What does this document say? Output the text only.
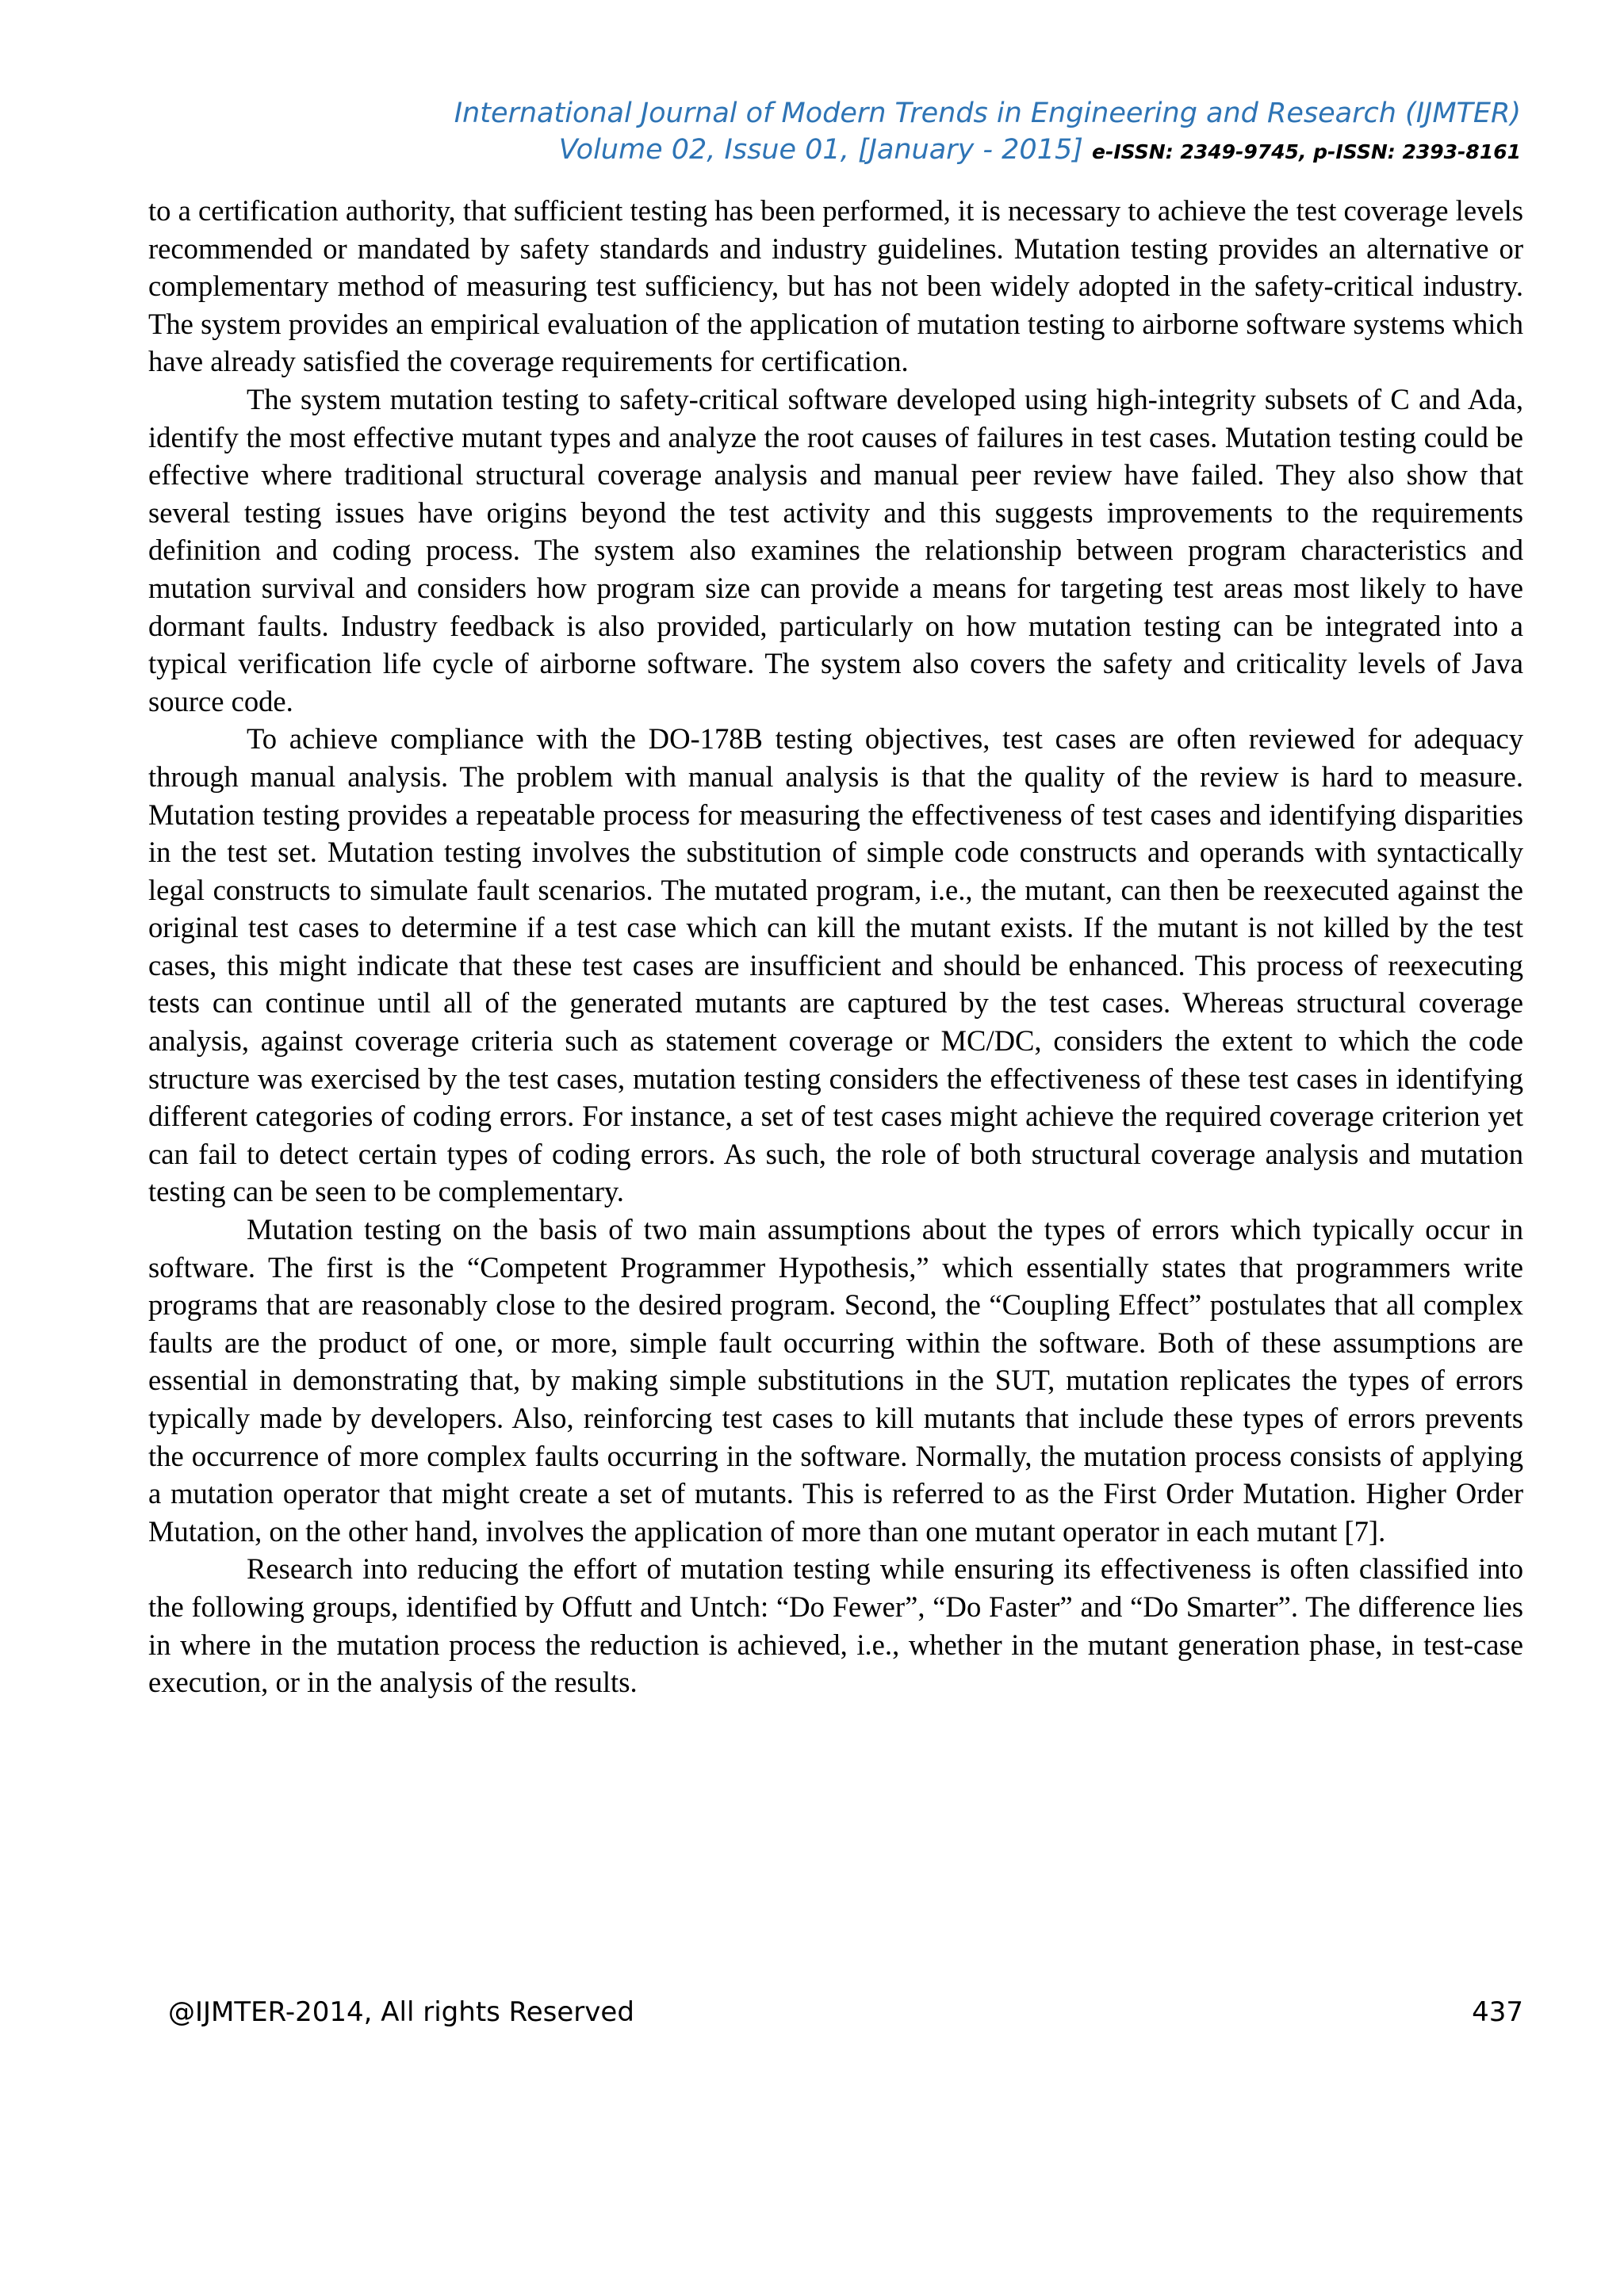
International Journal of Modern Trends in Engineering and Research (IJMTER)
Volume 02, Issue 01, [January - 2015] e-ISSN: 2349-9745, p-ISSN: 2393-8161

to a certification authority, that sufficient testing has been performed, it is necessary to achieve the test coverage levels recommended or mandated by safety standards and industry guidelines. Mutation testing provides an alternative or complementary method of measuring test sufficiency, but has not been widely adopted in the safety-critical industry. The system provides an empirical evaluation of the application of mutation testing to airborne software systems which have already satisfied the coverage requirements for certification.

The system mutation testing to safety-critical software developed using high-integrity subsets of C and Ada, identify the most effective mutant types and analyze the root causes of failures in test cases. Mutation testing could be effective where traditional structural coverage analysis and manual peer review have failed. They also show that several testing issues have origins beyond the test activity and this suggests improvements to the requirements definition and coding process. The system also examines the relationship between program characteristics and mutation survival and considers how program size can provide a means for targeting test areas most likely to have dormant faults. Industry feedback is also provided, particularly on how mutation testing can be integrated into a typical verification life cycle of airborne software. The system also covers the safety and criticality levels of Java source code.

To achieve compliance with the DO-178B testing objectives, test cases are often reviewed for adequacy through manual analysis. The problem with manual analysis is that the quality of the review is hard to measure. Mutation testing provides a repeatable process for measuring the effectiveness of test cases and identifying disparities in the test set. Mutation testing involves the substitution of simple code constructs and operands with syntactically legal constructs to simulate fault scenarios. The mutated program, i.e., the mutant, can then be reexecuted against the original test cases to determine if a test case which can kill the mutant exists. If the mutant is not killed by the test cases, this might indicate that these test cases are insufficient and should be enhanced. This process of reexecuting tests can continue until all of the generated mutants are captured by the test cases. Whereas structural coverage analysis, against coverage criteria such as statement coverage or MC/DC, considers the extent to which the code structure was exercised by the test cases, mutation testing considers the effectiveness of these test cases in identifying different categories of coding errors. For instance, a set of test cases might achieve the required coverage criterion yet can fail to detect certain types of coding errors. As such, the role of both structural coverage analysis and mutation testing can be seen to be complementary.

Mutation testing on the basis of two main assumptions about the types of errors which typically occur in software. The first is the “Competent Programmer Hypothesis,” which essentially states that programmers write programs that are reasonably close to the desired program. Second, the “Coupling Effect” postulates that all complex faults are the product of one, or more, simple fault occurring within the software. Both of these assumptions are essential in demonstrating that, by making simple substitutions in the SUT, mutation replicates the types of errors typically made by developers. Also, reinforcing test cases to kill mutants that include these types of errors prevents the occurrence of more complex faults occurring in the software. Normally, the mutation process consists of applying a mutation operator that might create a set of mutants. This is referred to as the First Order Mutation. Higher Order Mutation, on the other hand, involves the application of more than one mutant operator in each mutant [7].

Research into reducing the effort of mutation testing while ensuring its effectiveness is often classified into the following groups, identified by Offutt and Untch: “Do Fewer”, “Do Faster” and “Do Smarter”. The difference lies in where in the mutation process the reduction is achieved, i.e., whether in the mutant generation phase, in test-case execution, or in the analysis of the results.

@IJMTER-2014, All rights Reserved	437
